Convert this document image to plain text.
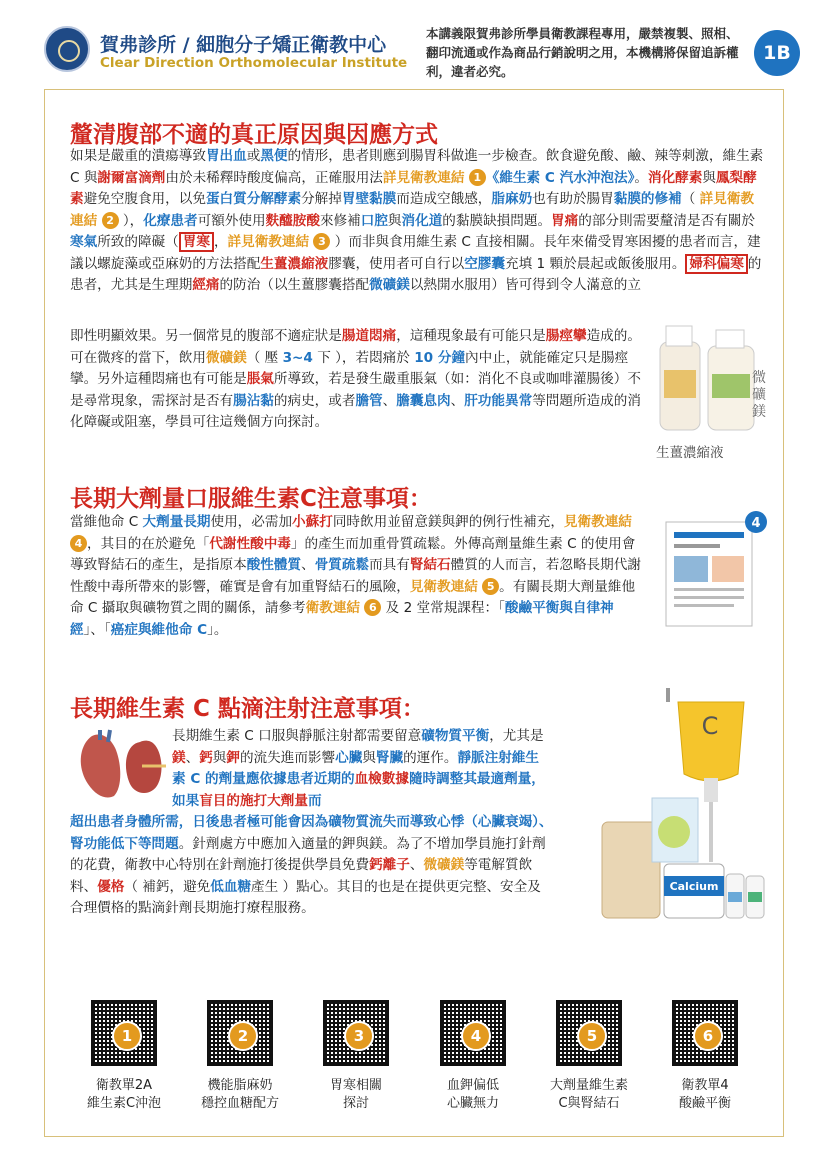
賀弗診所 / 細胞分子矯正衛教中心
Clear Direction Orthomolecular Institute
本講義限賀弗診所學員衛教課程專用，嚴禁複製、照相、翻印流通或作為商品行銷說明之用，本機構將保留追訴權利，違者必究。
1B
釐清腹部不適的真正原因與因應方式
如果是嚴重的潰瘍導致胃出血或黑便的情形，患者則應到腸胃科做進一步檢查。飲食避免酸、鹼、辣等刺激，維生素 C 與謝爾富滴劑由於未稀釋時酸度偏高，正確服用法詳見衛教連結 1 《維生素 C 汽水沖泡法》。消化酵素與鳳梨酵素避免空腹食用，以免蛋白質分解酵素分解掉胃壁黏膜而造成空餓感，脂麻奶也有助於腸胃黏膜的修補（ 詳見衛教連結 2 ），化療患者可額外使用麩醯胺酸來修補口腔與消化道的黏膜缺損問題。胃痛的部分則需要釐清是否有關於寒氣所致的障礙（ 胃寒 ，詳見衛教連結 3 ）而非與食用維生素 C 直接相關。長年來備受胃寒困擾的患者而言，建議以螺旋藻或亞麻奶的方法搭配生薑濃縮液膠囊，使用者可自行以空膠囊充填 1 顆於晨起或飯後服用。 婦科偏寒 的患者，尤其是生理期經痛的防治（以生薑膠囊搭配微礦鎂以熱開水服用）皆可得到令人滿意的立
即性明顯效果。另一個常見的腹部不適症狀是腸道悶痛，這種現象最有可能只是腸痙攣造成的。可在微疼的當下，飲用微礦鎂（ 壓 3~4 下 ），若悶痛於 10 分鐘內中止，就能確定只是腸痙攣。另外這種悶痛也有可能是脹氣所導致，若是發生嚴重脹氣（如：消化不良或咖啡灌腸後）不是尋常現象，需探討是否有腸沾黏的病史，或者膽管、膽囊息肉、肝功能異常等問題所造成的消化障礙或阻塞，學員可往這幾個方向探討。
生薑濃縮液
微礦鎂
長期大劑量口服維生素C注意事項：
當維他命 C 大劑量長期使用，必需加小蘇打同時飲用並留意鎂與鉀的例行性補充，見衛教連結 4 ，其目的在於避免「代謝性酸中毒」的產生而加重骨質疏鬆。外傳高劑量維生素 C 的使用會導致腎結石的產生，是指原本酸性體質、骨質疏鬆而具有腎結石體質的人而言，若忽略長期代謝性酸中毒所帶來的影響，確實是會有加重腎結石的風險，見衛教連結 5 。有關長期大劑量維他命 C 攝取與礦物質之間的關係，請參考衛教連結 6 及 2 堂常規課程：「酸鹼平衡與自律神經」、「癌症與維他命 C」。
4
長期維生素 C 點滴注射注意事項：
長期維生素 C 口服與靜脈注射都需要留意礦物質平衡，尤其是鎂、鈣與鉀的流失進而影響心臟與腎臟的運作。靜脈注射維生素 C 的劑量應依據患者近期的血檢數據隨時調整其最適劑量，如果盲目的施打大劑量而
超出患者身體所需，日後患者極可能會因為礦物質流失而導致心悸（心臟衰竭）、腎功能低下等問題。針劑處方中應加入適量的鉀與鎂。為了不增加學員施打針劑的花費，衛教中心特別在針劑施打後提供學員免費鈣離子、微礦鎂等電解質飲料、優格（ 補鈣，避免低血糖產生 ）點心。其目的也是在提供更完整、安全及合理價格的點滴針劑長期施打療程服務。
C
Calcium
1	2	3	4	5	6
衛教單2A
維生素C沖泡
機能脂麻奶
穩控血糖配方
胃寒相關
探討
血鉀偏低
心臟無力
大劑量維生素
C與腎結石
衛教單4
酸鹼平衡
